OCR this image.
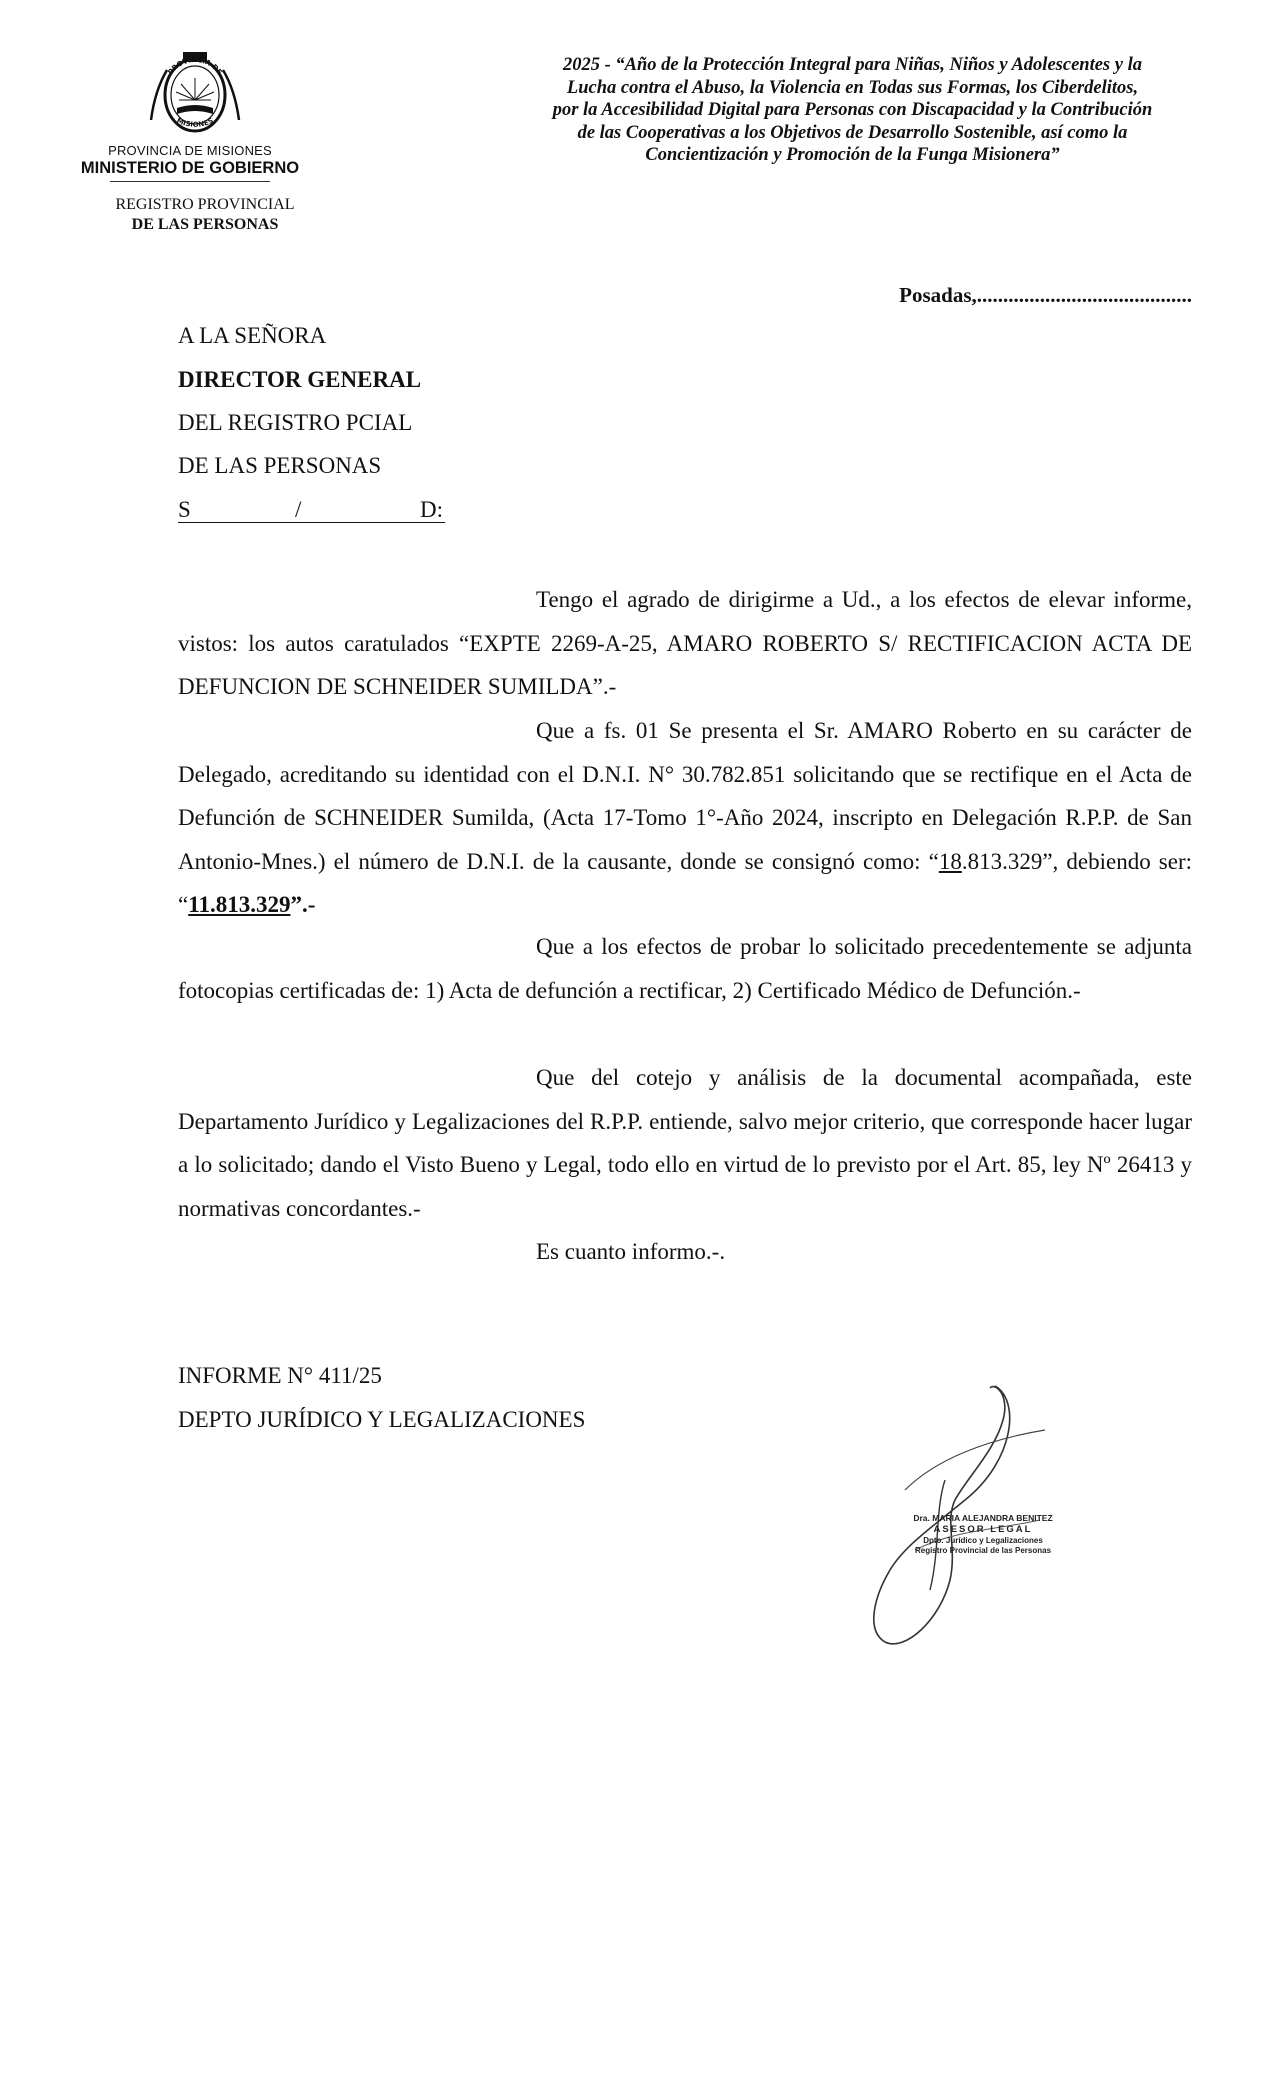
PROVINCIA DE
MISIONES
PROVINCIA DE MISIONES
MINISTERIO DE GOBIERNO
REGISTRO PROVINCIAL
DE LAS PERSONAS
2025 - “Año de la Protección Integral para Niñas, Niños y Adolescentes y la
Lucha contra el Abuso, la Violencia en Todas sus Formas, los Ciberdelitos,
por la Accesibilidad Digital para Personas con Discapacidad y la Contribución
de las Cooperativas a los Objetivos de Desarrollo Sostenible, así como la
Concientización y Promoción de la Funga Misionera”
Posadas,.........................................
A LA SEÑORA
DIRECTOR GENERAL
DEL REGISTRO PCIAL
DE LAS PERSONAS
S	/	D:

Tengo el agrado de dirigirme a Ud., a los efectos de elevar informe, vistos: los autos caratulados “EXPTE 2269-A-25, AMARO ROBERTO S/ RECTIFICACION ACTA DE DEFUNCION DE SCHNEIDER SUMILDA”.-

Que a fs. 01 Se presenta el Sr. AMARO Roberto en su carácter de Delegado, acreditando su identidad con el D.N.I. N° 30.782.851 solicitando que se rectifique en el Acta de Defunción de SCHNEIDER Sumilda, (Acta 17-Tomo 1°-Año 2024, inscripto en Delegación R.P.P. de San Antonio-Mnes.) el número de D.N.I. de la causante, donde se consignó como: “18.813.329”, debiendo ser: “11.813.329”.-

Que a los efectos de probar lo solicitado precedentemente se adjunta fotocopias certificadas de: 1) Acta de defunción a rectificar, 2) Certificado Médico de Defunción.-

Que del cotejo y análisis de la documental acompañada, este Departamento Jurídico y Legalizaciones del R.P.P. entiende, salvo mejor criterio, que corresponde hacer lugar a lo solicitado; dando el Visto Bueno y Legal, todo ello en virtud de lo previsto por el Art. 85, ley Nº 26413 y normativas concordantes.-

Es cuanto informo.-.

INFORME N° 411/25
DEPTO JURÍDICO Y LEGALIZACIONES
Dra. MARIA ALEJANDRA BENITEZ
ASESOR LEGAL
Dpto. Jurídico y Legalizaciones
Registro Provincial de las Personas
